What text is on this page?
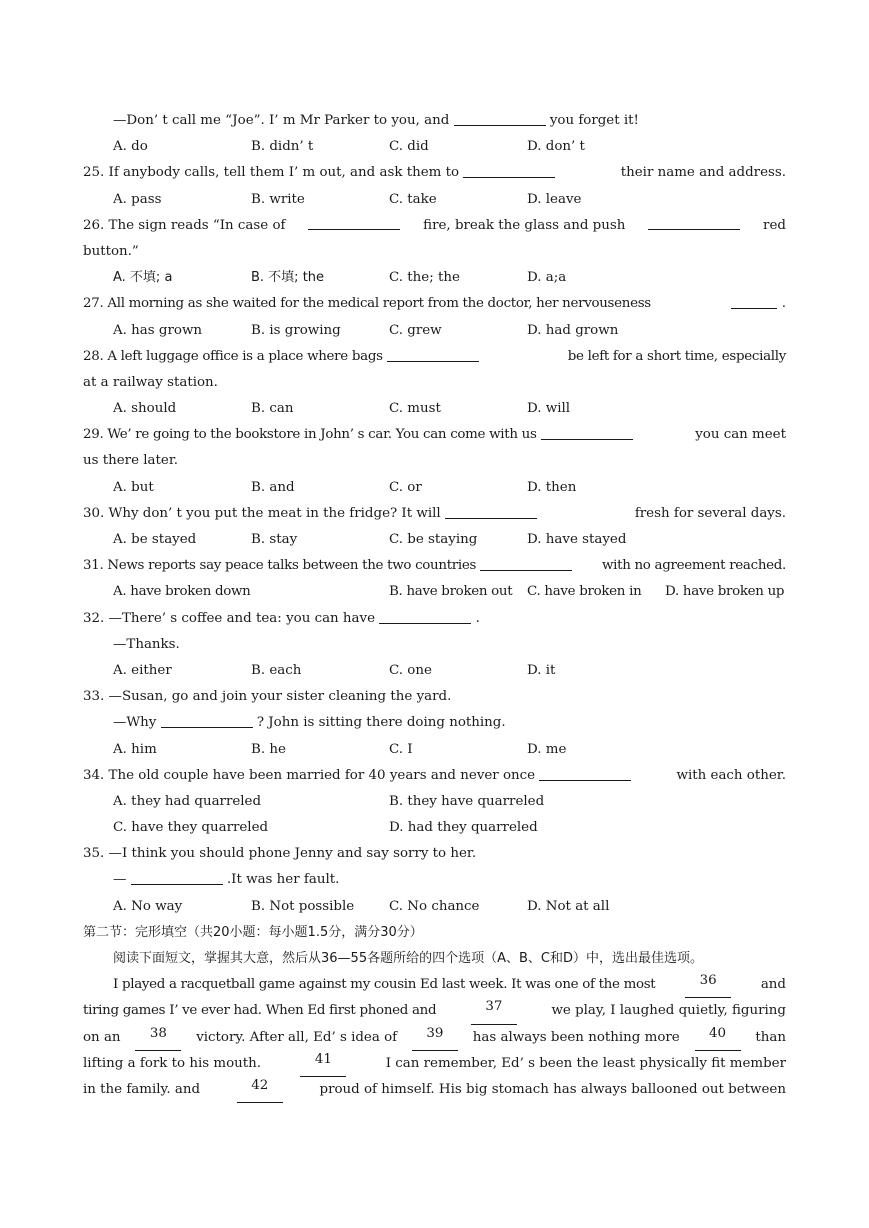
—Don’ t call me “Joe”. I’ m Mr Parker to you, and	you forget it!
A. do	B. didn’ t	C. did	D. don’ t
25. If anybody calls, tell them I’ m out, and ask them to	their name and address.
A. pass	B. write	C. take	D. leave
26. The sign reads “In case of	fire, break the glass and push	red
button.”
A. 不填; a	B. 不填; the	C. the; the	D. a;a
27. All morning as she waited for the medical report from the doctor, her nervouseness	.
A. has grown	B. is growing	C. grew	D. had grown
28. A left luggage office is a place where bags	be left for a short time, especially
at a railway station.
A. should	B. can	C. must	D. will
29. We’ re going to the bookstore in John’ s car. You can come with us	you can meet
us there later.
A. but	B. and	C. or	D. then
30. Why don’ t you put the meat in the fridge? It will	fresh for several days.
A. be stayed	B. stay	C. be staying	D. have stayed
31. News reports say peace talks between the two countries	with no agreement reached.
A. have broken down	B. have broken out	C. have broken in	D. have broken up
32. —There’ s coffee and tea: you can have	.
—Thanks.
A. either	B. each	C. one	D. it
33. —Susan, go and join your sister cleaning the yard.
—Why	? John is sitting there doing nothing.
A. him	B. he	C. I	D. me
34. The old couple have been married for 40 years and never once	with each other.
A. they had quarreled	B. they have quarreled
C. have they quarreled	D. had they quarreled
35. —I think you should phone Jenny and say sorry to her.
—	.It was her fault.
A. No way	B. Not possible	C. No chance	D. Not at all
第二节：完形填空（共20小题：每小题1.5分，满分30分）
阅读下面短文，掌握其大意，然后从36—55各题所给的四个选项（A、B、C和D）中，选出最佳选项。
I played a racquetball game against my cousin Ed last week. It was one of the most	36	and
tiring games I’ ve ever had. When Ed first phoned and	37	we play, I laughed quietly, figuring
on an	38	victory. After all, Ed’ s idea of	39	has always been nothing more	40	than
lifting a fork to his mouth.	41	I can remember, Ed’ s been the least physically fit member
in the family. and	42	proud of himself. His big stomach has always ballooned out between
